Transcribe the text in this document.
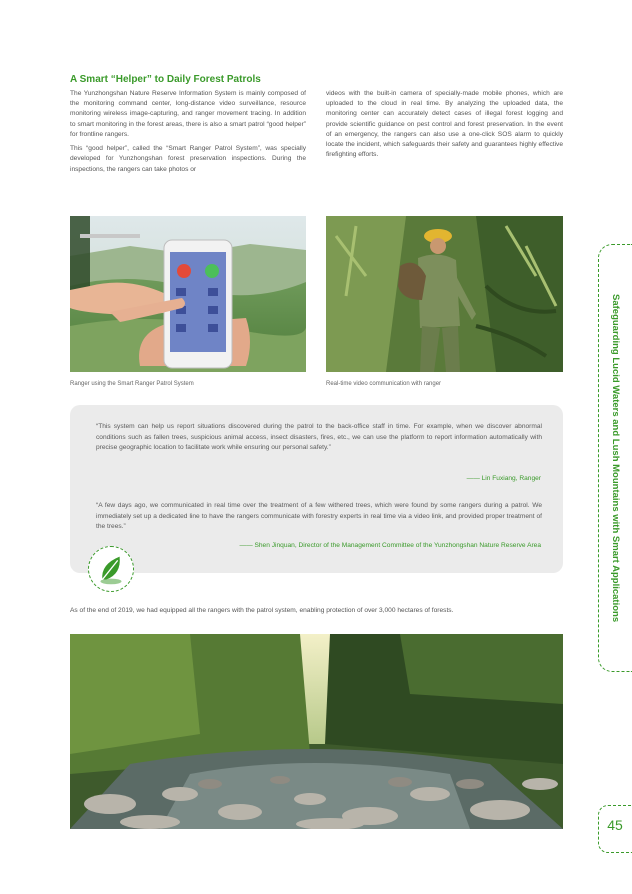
A Smart “Helper” to Daily Forest Patrols

The Yunzhongshan Nature Reserve Information System is mainly composed of the monitoring command center, long-distance video surveillance, resource monitoring wireless image-capturing, and ranger movement tracing. In addition to smart monitoring in the forest areas, there is also a smart patrol “good helper” for frontline rangers.

This “good helper”, called the “Smart Ranger Patrol System”, was specially developed for Yunzhongshan forest preservation inspections. During the inspections, the rangers can take photos or

videos with the built-in camera of specially-made mobile phones, which are uploaded to the cloud in real time. By analyzing the uploaded data, the monitoring center can accurately detect cases of illegal forest logging and provide scientific guidance on pest control and forest preservation. In the event of an emergency, the rangers can also use a one-click SOS alarm to quickly locate the incident, which safeguards their safety and guarantees highly effective firefighting efforts.

Ranger using the Smart Ranger Patrol System	Real-time video communication with ranger
“This system can help us report situations discovered during the patrol to the back-office staff in time. For example, when we discover abnormal conditions such as fallen trees, suspicious animal access, insect disasters, fires, etc., we can use the platform to report information automatically with precise geographic location to facilitate work while ensuring our personal safety.”
—— Lin Fuxiang, Ranger
“A few days ago, we communicated in real time over the treatment of a few withered trees, which were found by some rangers during a patrol. We immediately set up a dedicated line to have the rangers communicate with forestry experts in real time via a video link, and provided proper treatment of the trees.”
—— Shen Jinquan, Director of the Management Committee of the Yunzhongshan Nature Reserve Area
As of the end of 2019, we had equipped all the rangers with the patrol system, enabling protection of over 3,000 hectares of forests.	Safeguarding Lucid Waters and Lush Mountains with Smart Applications
45
